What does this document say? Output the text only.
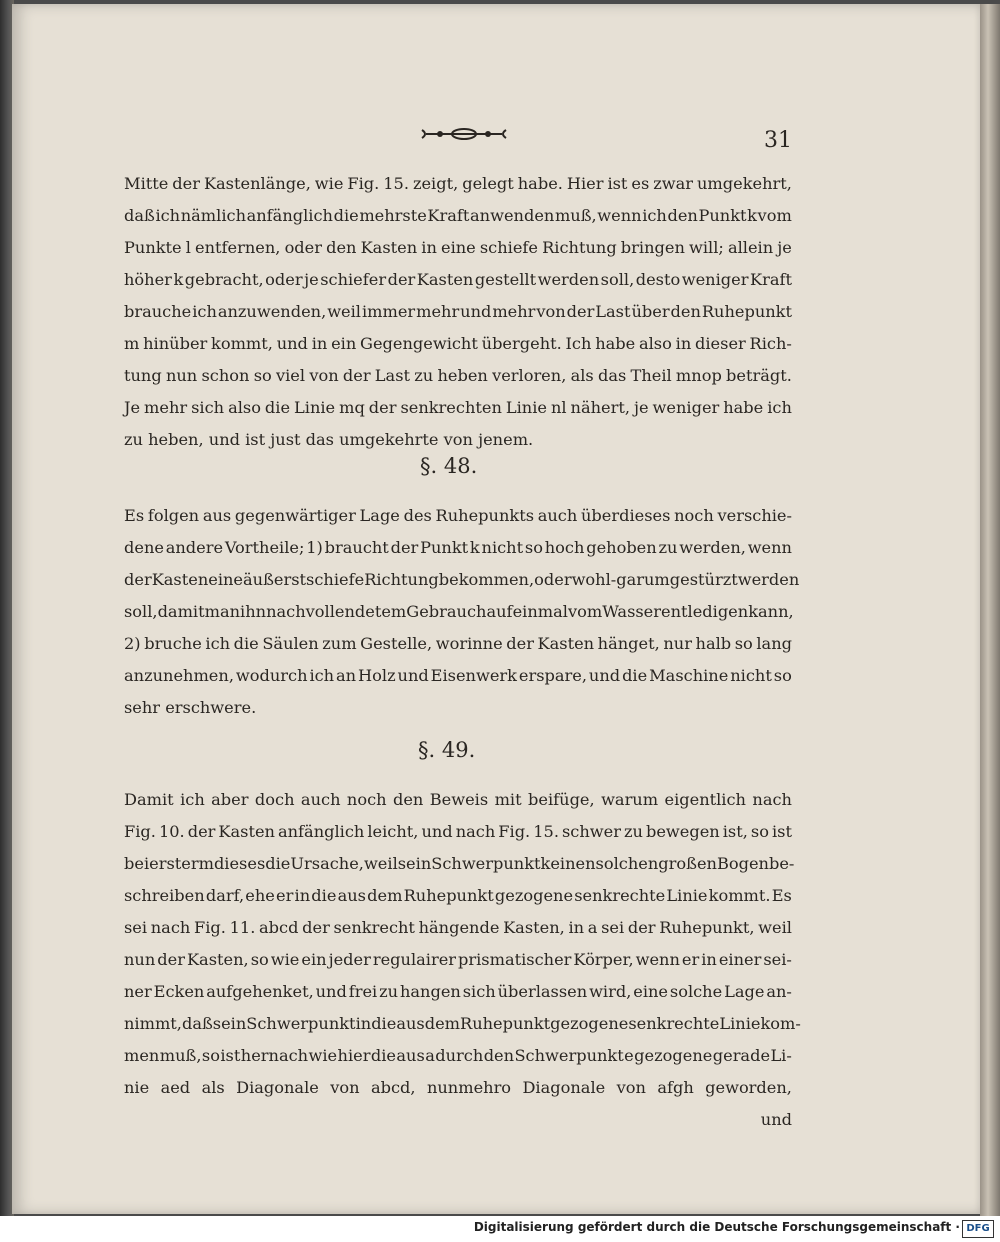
31
Mitte der Kastenlänge, wie Fig. 15. zeigt, gelegt habe. Hier ist es zwar umgekehrt,
daß ich nämlich anfänglich die mehrste Kraft anwenden muß, wenn ich den Punkt k vom
Punkte l entfernen, oder den Kasten in eine schiefe Richtung bringen will; allein je
höher k gebracht, oder je schiefer der Kasten gestellt werden soll, desto weniger Kraft
brauche ich anzuwenden, weil immer mehr und mehr von der Last über den Ruhepunkt
m hinüber kommt, und in ein Gegengewicht übergeht. Ich habe also in dieser Rich-
tung nun schon so viel von der Last zu heben verloren, als das Theil mnop beträgt.
Je mehr sich also die Linie mq der senkrechten Linie nl nähert, je weniger habe ich
zu heben, und ist just das umgekehrte von jenem.
§. 48.
Es folgen aus gegenwärtiger Lage des Ruhepunkts auch überdieses noch verschie-
dene andere Vortheile; 1) braucht der Punkt k nicht so hoch gehoben zu werden, wenn
der Kasten eine äußerst schiefe Richtung bekommen, oder wohl-gar umgestürzt werden
soll, damit man ihn nach vollendetem Gebrauch auf einmal vom Wasser entledigen kann,
2) bruche ich die Säulen zum Gestelle, worinne der Kasten hänget, nur halb so lang
anzunehmen, wodurch ich an Holz und Eisenwerk erspare, und die Maschine nicht so
sehr erschwere.
§. 49.
Damit ich aber doch auch noch den Beweis mit beifüge, warum eigentlich nach
Fig. 10. der Kasten anfänglich leicht, und nach Fig. 15. schwer zu bewegen ist, so ist
bei ersterm dieses die Ursache, weil sein Schwerpunkt keinen solchen großen Bogen be-
schreiben darf, ehe er in die aus dem Ruhepunkt gezogene senkrechte Linie kommt. Es
sei nach Fig. 11. abcd der senkrecht hängende Kasten, in a sei der Ruhepunkt, weil
nun der Kasten, so wie ein jeder regulairer prismatischer Körper, wenn er in einer sei-
ner Ecken aufgehenket, und frei zu hangen sich überlassen wird, eine solche Lage an-
nimmt, daß sein Schwerpunkt in die aus dem Ruhepunkt gezogene senkrechte Linie kom-
men muß, so ist hernach wie hier die aus a durch den Schwerpunkt e gezogene gerade Li-
nie aed als Diagonale von abcd, nunmehro Diagonale von afgh geworden,
und
Digitalisierung gefördert durch die Deutsche Forschungsgemeinschaft · DFG
